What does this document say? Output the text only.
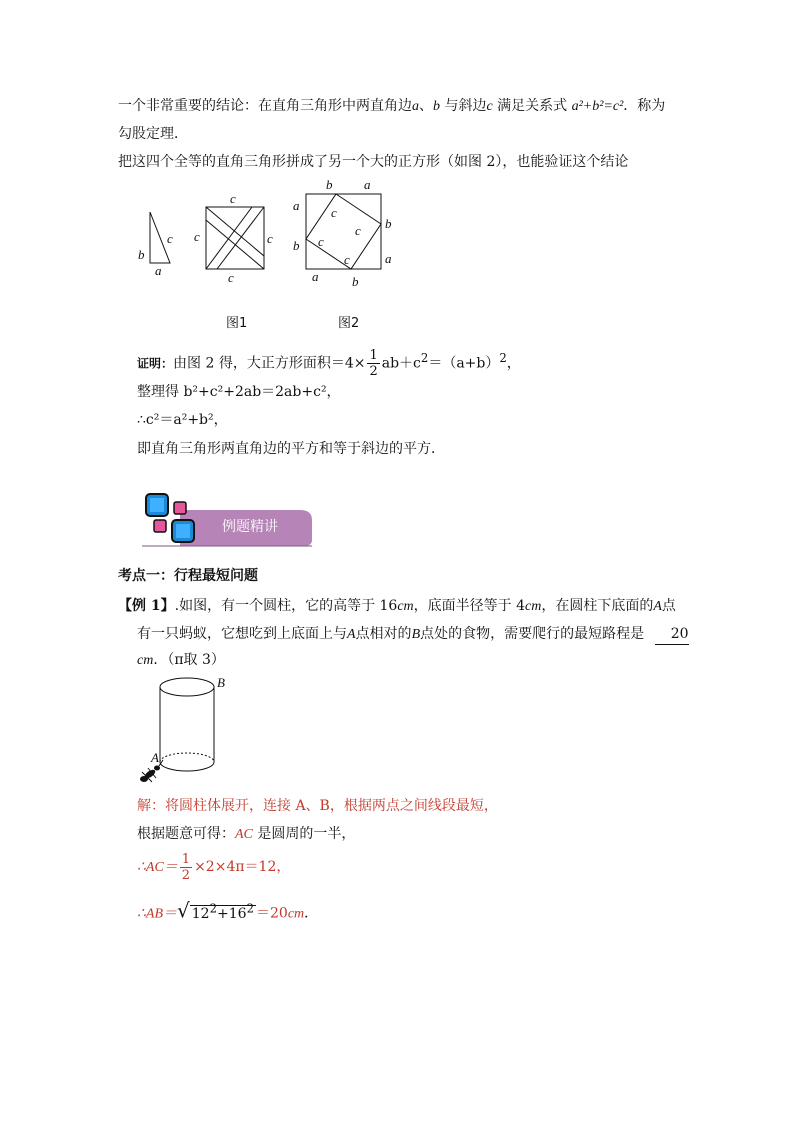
一个非常重要的结论：在直角三角形中两直角边a、b 与斜边c 满足关系式 a²+b²=c²．称为
勾股定理．
把这四个全等的直角三角形拼成了另一个大的正方形（如图 2），也能验证这个结论
b
c
a
c
c	c
c
b a
a
b
b
a
a	b
c
c
c
c
图1	图2
证明：由图 2 得，大正方形面积$=4\times \frac{1}{2} ab+c^2=(a+b)^2$，
整理得 b²+c²+2ab＝2ab+c²，
∴c²＝a²+b²，
即直角三角形两直角边的平方和等于斜边的平方．
例题精讲
考点一：行程最短问题
【例 1】.如图，有一个圆柱，它的高等于 16cm，底面半径等于 4cm，在圆柱下底面的A点
有一只蚂蚁，它想吃到上底面上与A点相对的B点处的食物，需要爬行的最短路程是 20
cm．（π取 3）
B
A
解：将圆柱体展开，连接 A、B，根据两点之间线段最短，
根据题意可得：AC 是圆周的一半，
∴AC＝ $\frac{1}{2} \times 2\times 4\pi=12$，
∴AB＝√ $12^2+16^2 =20cm$．
